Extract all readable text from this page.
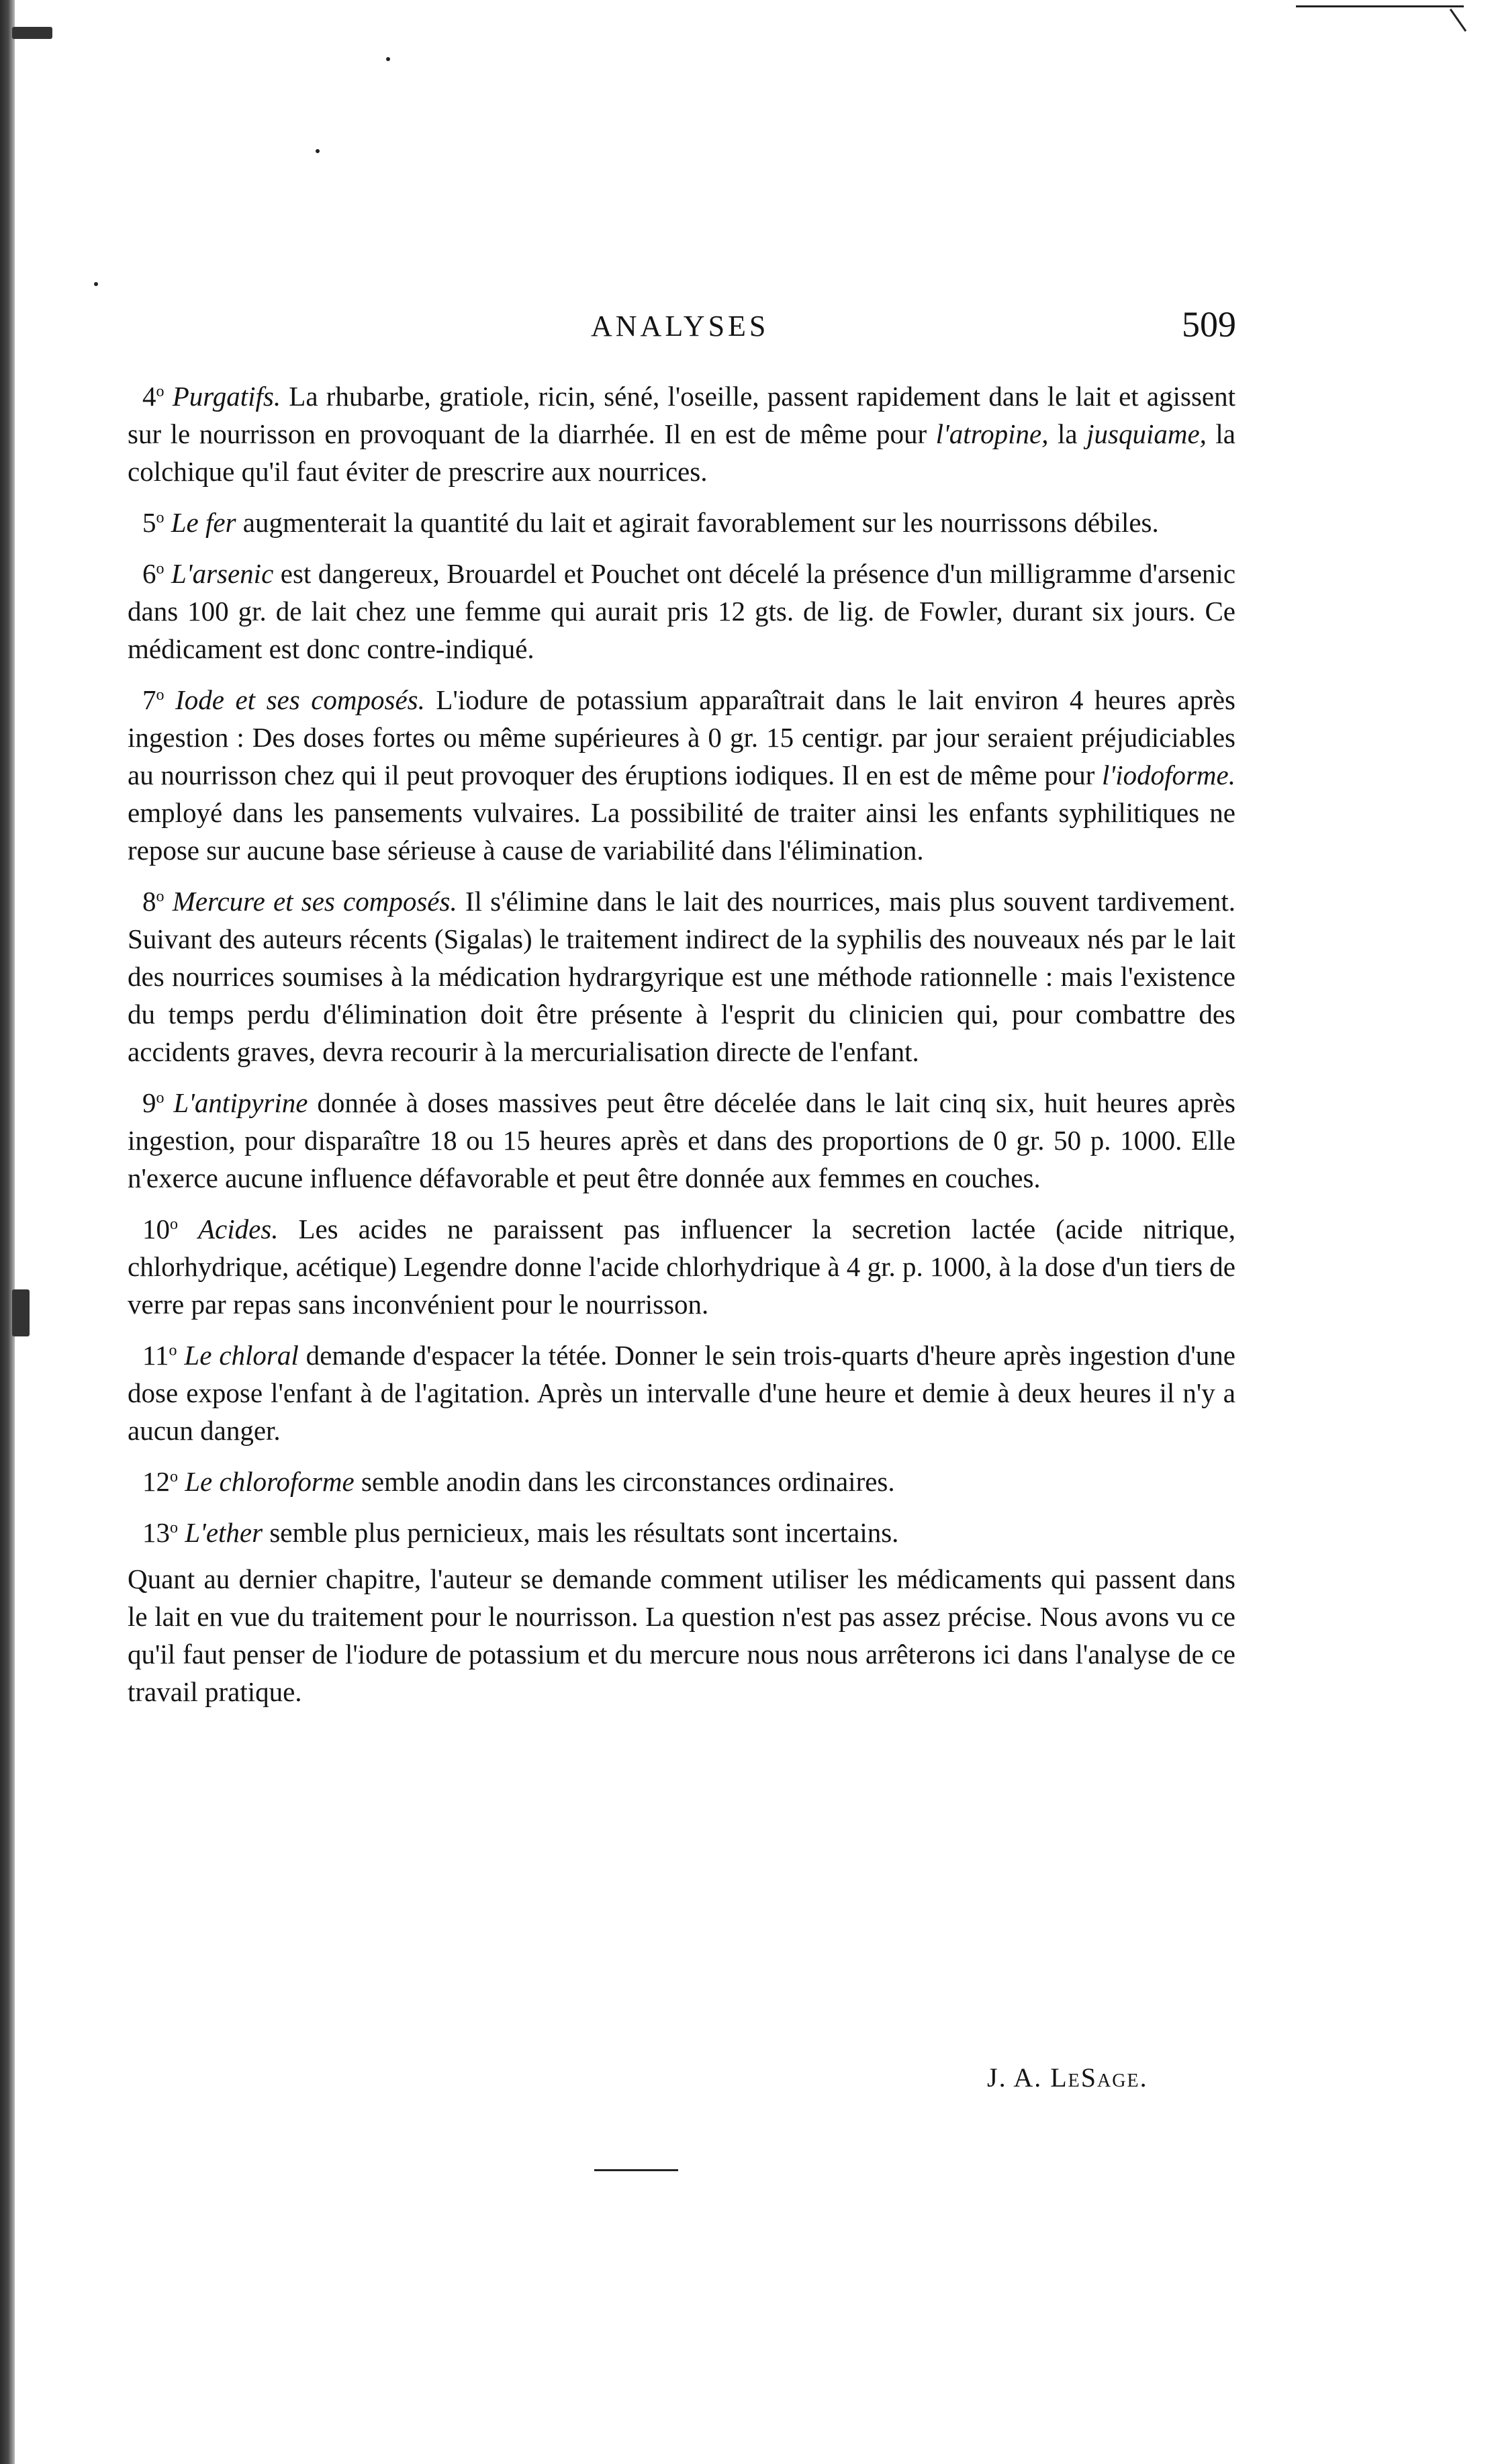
ANALYSES	509

4$^o$ Purgatifs. La rhubarbe, gratiole, ricin, séné, l'oseille, passent rapidement dans le lait et agissent sur le nourrisson en provoquant de la diarrhée. Il en est de même pour l'atropine, la jusquiame, la colchique qu'il faut éviter de prescrire aux nourrices.

5$^o$ Le fer augmenterait la quantité du lait et agirait favorablement sur les nourrissons débiles.

6$^o$ L'arsenic est dangereux, Brouardel et Pouchet ont décelé la présence d'un milligramme d'arsenic dans 100 gr. de lait chez une femme qui aurait pris 12 gts. de lig. de Fowler, durant six jours. Ce médicament est donc contre-indiqué.

7$^o$ Iode et ses composés. L'iodure de potassium apparaîtrait dans le lait environ 4 heures après ingestion : Des doses fortes ou même supérieures à 0 gr. 15 centigr. par jour seraient préjudiciables au nourrisson chez qui il peut provoquer des éruptions iodiques. Il en est de même pour l'iodoforme. employé dans les pansements vulvaires. La possibilité de traiter ainsi les enfants syphilitiques ne repose sur aucune base sérieuse à cause de variabilité dans l'élimination.

8$^o$ Mercure et ses composés. Il s'élimine dans le lait des nourrices, mais plus souvent tardivement. Suivant des auteurs récents (Sigalas) le traitement indirect de la syphilis des nouveaux nés par le lait des nourrices soumises à la médication hydrargyrique est une méthode rationnelle : mais l'existence du temps perdu d'élimination doit être présente à l'esprit du clinicien qui, pour combattre des accidents graves, devra recourir à la mercurialisation directe de l'enfant.

9$^o$ L'antipyrine donnée à doses massives peut être décelée dans le lait cinq six, huit heures après ingestion, pour disparaître 18 ou 15 heures après et dans des proportions de 0 gr. 50 p. 1000. Elle n'exerce aucune influence défavorable et peut être donnée aux femmes en couches.

10$^o$ Acides. Les acides ne paraissent pas influencer la secretion lactée (acide nitrique, chlorhydrique, acétique) Legendre donne l'acide chlorhydrique à 4 gr. p. 1000, à la dose d'un tiers de verre par repas sans inconvénient pour le nourrisson.

11$^o$ Le chloral demande d'espacer la tétée. Donner le sein trois-quarts d'heure après ingestion d'une dose expose l'enfant à de l'agitation. Après un intervalle d'une heure et demie à deux heures il n'y a aucun danger.

12$^o$ Le chloroforme semble anodin dans les circonstances ordinaires.

13$^o$ L'ether semble plus pernicieux, mais les résultats sont incertains.

Quant au dernier chapitre, l'auteur se demande comment utiliser les médicaments qui passent dans le lait en vue du traitement pour le nourrisson. La question n'est pas assez précise. Nous avons vu ce qu'il faut penser de l'iodure de potassium et du mercure nous nous arrêterons ici dans l'analyse de ce travail pratique.

J. A. LeSage.
